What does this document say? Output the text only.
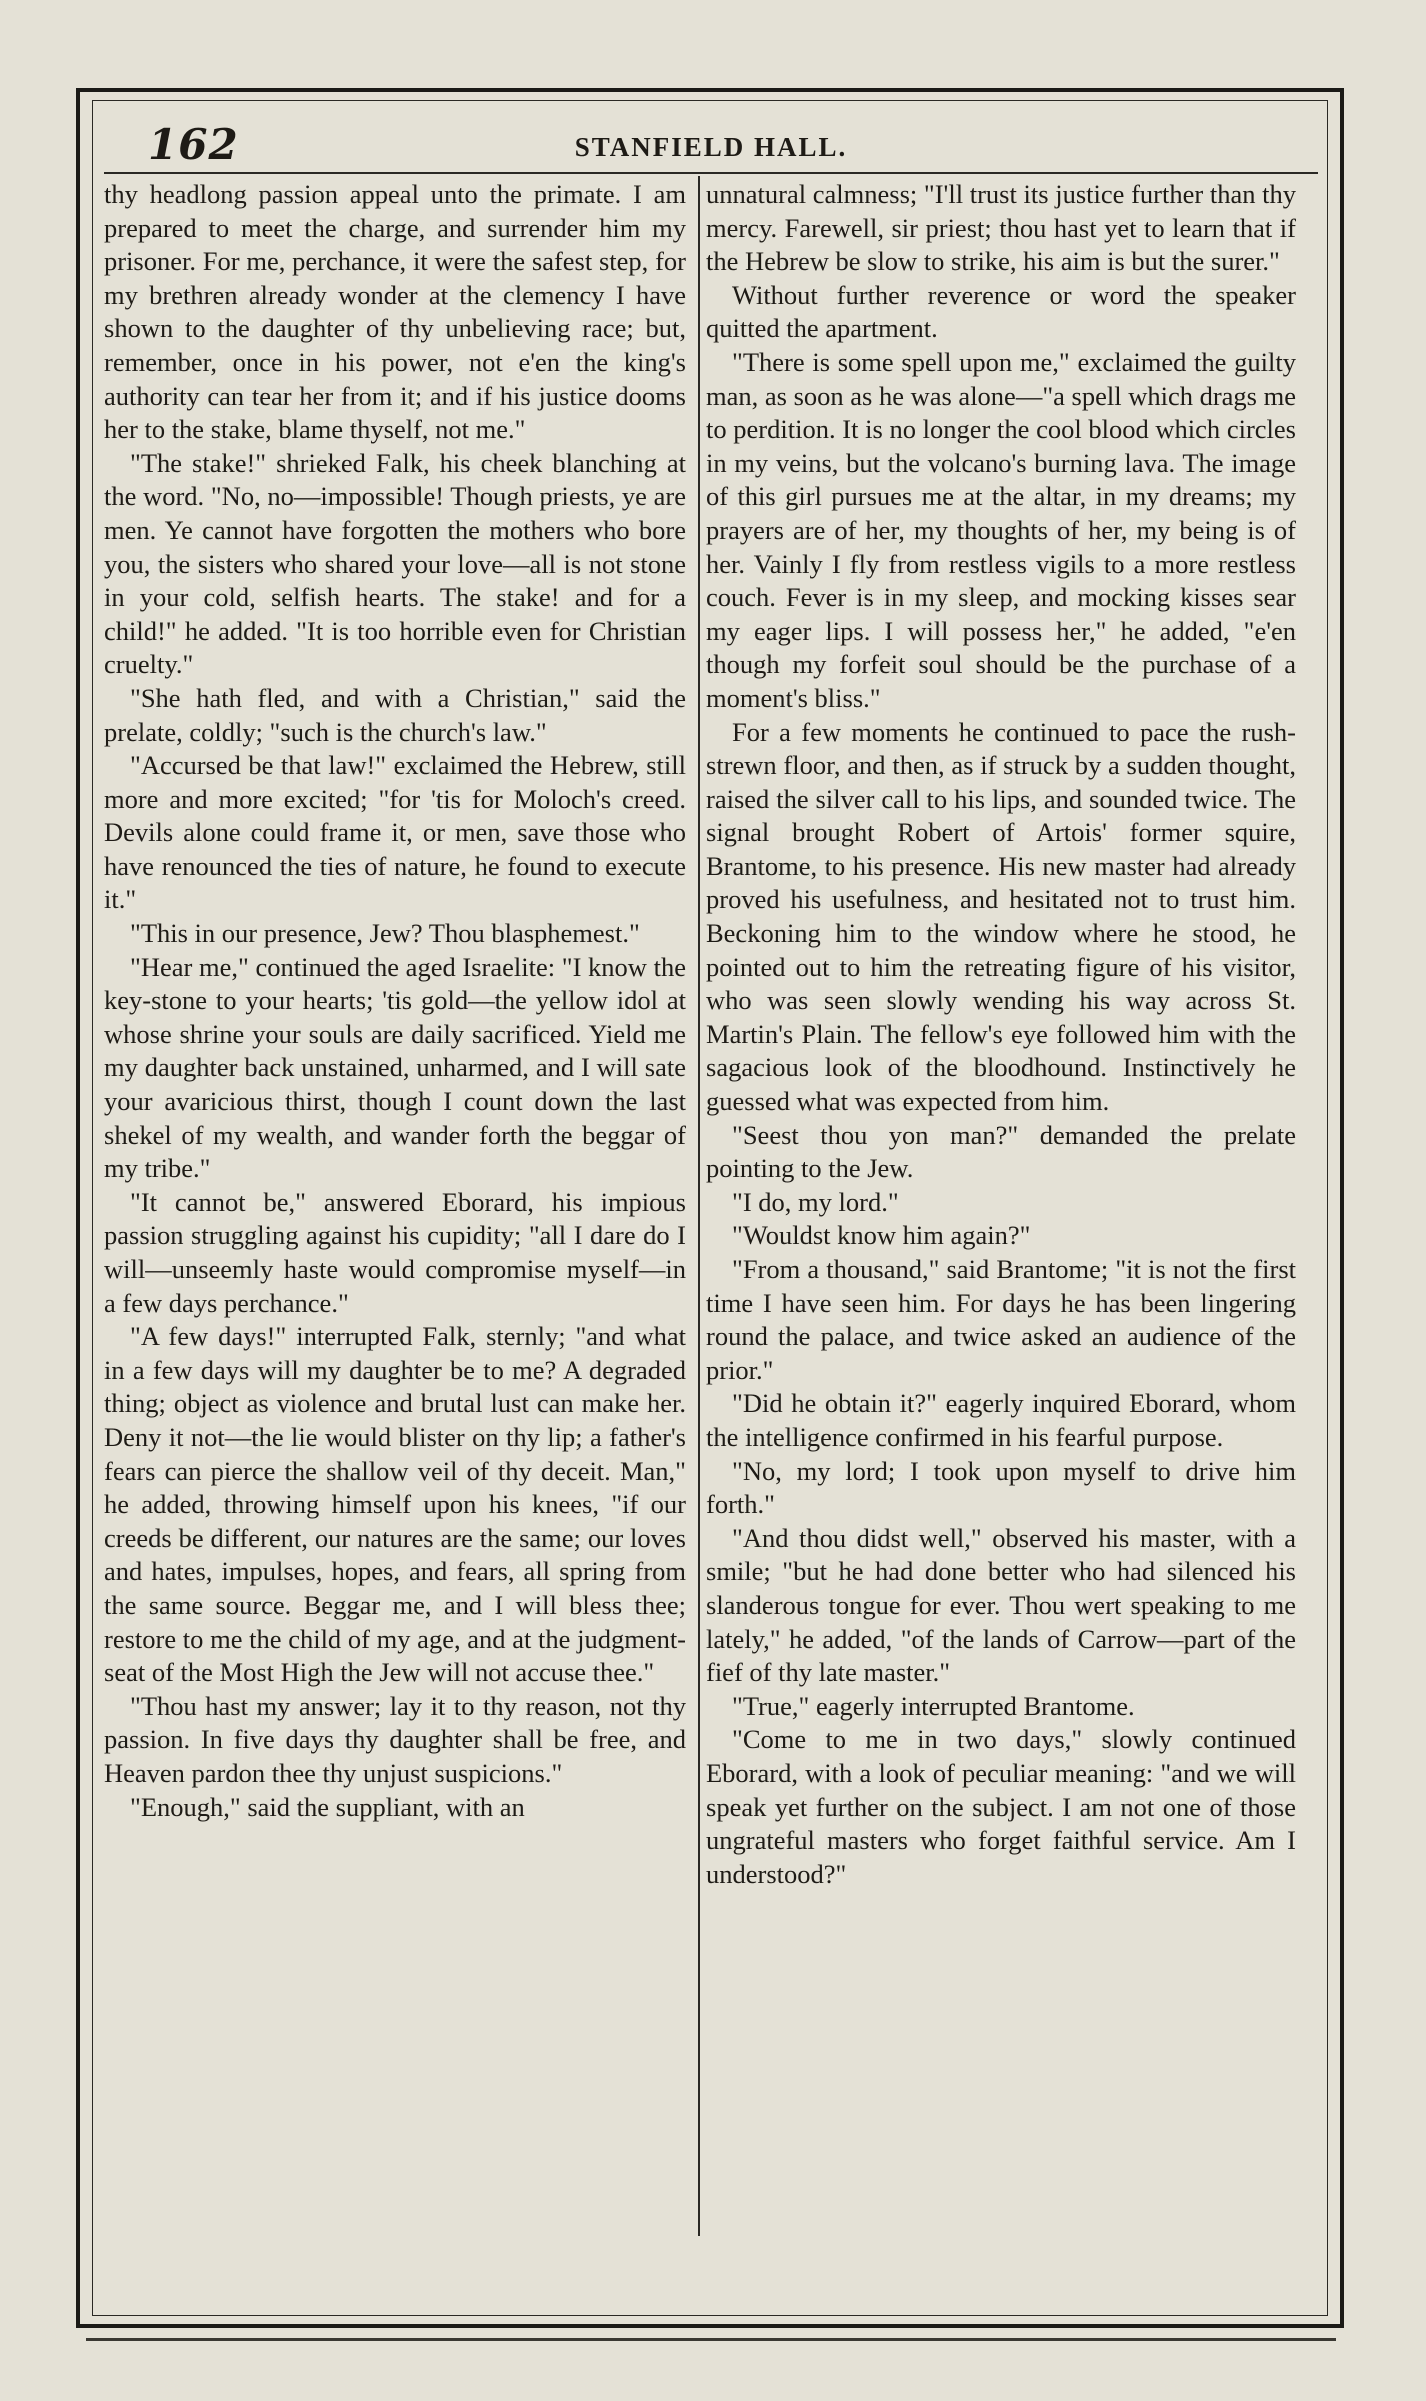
162	STANFIELD HALL.

thy headlong passion appeal unto the primate. I am prepared to meet the charge, and surrender him my prisoner. For me, perchance, it were the safest step, for my brethren already wonder at the clemency I have shown to the daughter of thy unbelieving race; but, remember, once in his power, not e'en the king's authority can tear her from it; and if his justice dooms her to the stake, blame thyself, not me."

"The stake!" shrieked Falk, his cheek blanching at the word. "No, no—impossible! Though priests, ye are men. Ye cannot have forgotten the mothers who bore you, the sisters who shared your love—all is not stone in your cold, selfish hearts. The stake! and for a child!" he added. "It is too horrible even for Christian cruelty."

"She hath fled, and with a Christian," said the prelate, coldly; "such is the church's law."

"Accursed be that law!" exclaimed the Hebrew, still more and more excited; "for 'tis for Moloch's creed. Devils alone could frame it, or men, save those who have renounced the ties of nature, he found to execute it."

"This in our presence, Jew? Thou blasphemest."

"Hear me," continued the aged Israelite: "I know the key-stone to your hearts; 'tis gold—the yellow idol at whose shrine your souls are daily sacrificed. Yield me my daughter back unstained, unharmed, and I will sate your avaricious thirst, though I count down the last shekel of my wealth, and wander forth the beggar of my tribe."

"It cannot be," answered Eborard, his impious passion struggling against his cupidity; "all I dare do I will—unseemly haste would compromise myself—in a few days perchance."

"A few days!" interrupted Falk, sternly; "and what in a few days will my daughter be to me? A degraded thing; object as violence and brutal lust can make her. Deny it not—the lie would blister on thy lip; a father's fears can pierce the shallow veil of thy deceit. Man," he added, throwing himself upon his knees, "if our creeds be different, our natures are the same; our loves and hates, impulses, hopes, and fears, all spring from the same source. Beggar me, and I will bless thee; restore to me the child of my age, and at the judgment-seat of the Most High the Jew will not accuse thee."

"Thou hast my answer; lay it to thy reason, not thy passion. In five days thy daughter shall be free, and Heaven pardon thee thy unjust suspicions."

"Enough," said the suppliant, with an

unnatural calmness; "I'll trust its justice further than thy mercy. Farewell, sir priest; thou hast yet to learn that if the Hebrew be slow to strike, his aim is but the surer."

Without further reverence or word the speaker quitted the apartment.

"There is some spell upon me," exclaimed the guilty man, as soon as he was alone—"a spell which drags me to perdition. It is no longer the cool blood which circles in my veins, but the volcano's burning lava. The image of this girl pursues me at the altar, in my dreams; my prayers are of her, my thoughts of her, my being is of her. Vainly I fly from restless vigils to a more restless couch. Fever is in my sleep, and mocking kisses sear my eager lips. I will possess her," he added, "e'en though my forfeit soul should be the purchase of a moment's bliss."

For a few moments he continued to pace the rush-strewn floor, and then, as if struck by a sudden thought, raised the silver call to his lips, and sounded twice. The signal brought Robert of Artois' former squire, Brantome, to his presence. His new master had already proved his usefulness, and hesitated not to trust him. Beckoning him to the window where he stood, he pointed out to him the retreating figure of his visitor, who was seen slowly wending his way across St. Martin's Plain. The fellow's eye followed him with the sagacious look of the bloodhound. Instinctively he guessed what was expected from him.

"Seest thou yon man?" demanded the prelate pointing to the Jew.

"I do, my lord."

"Wouldst know him again?"

"From a thousand," said Brantome; "it is not the first time I have seen him. For days he has been lingering round the palace, and twice asked an audience of the prior."

"Did he obtain it?" eagerly inquired Eborard, whom the intelligence confirmed in his fearful purpose.

"No, my lord; I took upon myself to drive him forth."

"And thou didst well," observed his master, with a smile; "but he had done better who had silenced his slanderous tongue for ever. Thou wert speaking to me lately," he added, "of the lands of Carrow—part of the fief of thy late master."

"True," eagerly interrupted Brantome.

"Come to me in two days," slowly continued Eborard, with a look of peculiar meaning: "and we will speak yet further on the subject. I am not one of those ungrateful masters who forget faithful service. Am I understood?"
